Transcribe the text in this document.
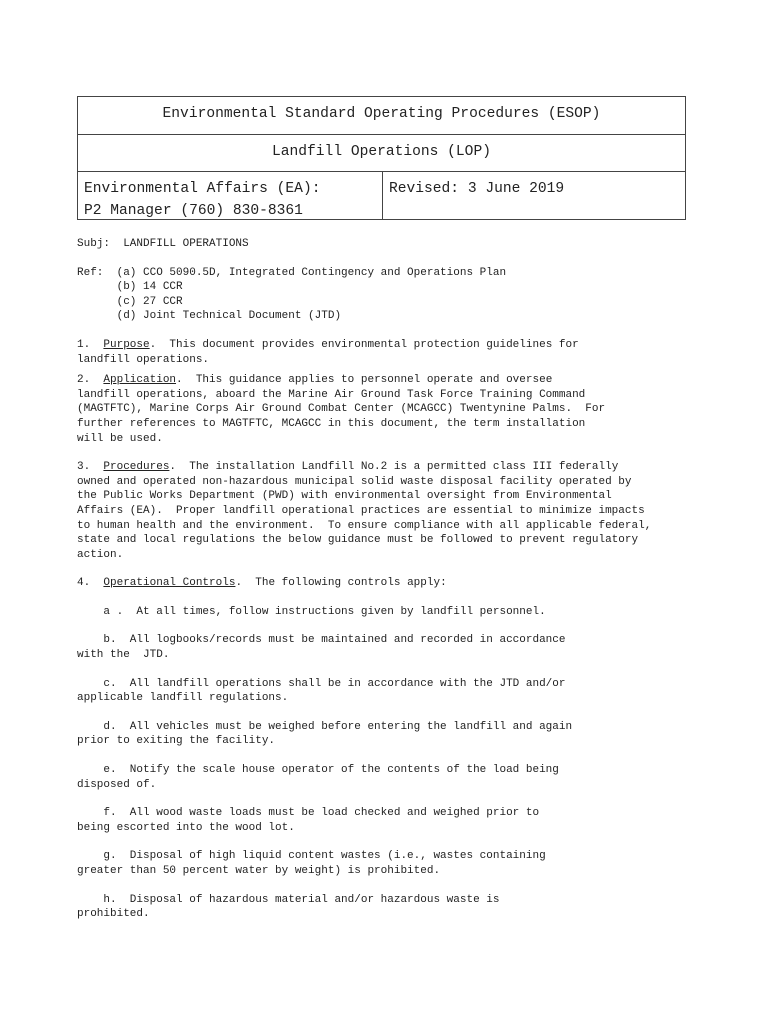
Environmental Standard Operating Procedures (ESOP)
Landfill Operations (LOP)
Environmental Affairs (EA):
P2 Manager (760) 830-8361
Revised: 3 June 2019

Subj:  LANDFILL OPERATIONS

Ref:  (a) CCO 5090.5D, Integrated Contingency and Operations Plan

(b) 14 CCR

(c) 27 CCR

(d) Joint Technical Document (JTD)

1.  Purpose.  This document provides environmental protection guidelines for

landfill operations.

2.  Application.  This guidance applies to personnel operate and oversee

landfill operations, aboard the Marine Air Ground Task Force Training Command

(MAGTFTC), Marine Corps Air Ground Combat Center (MCAGCC) Twentynine Palms.  For

further references to MAGTFTC, MCAGCC in this document, the term installation

will be used.

3.  Procedures.  The installation Landfill No.2 is a permitted class III federally

owned and operated non-hazardous municipal solid waste disposal facility operated by

the Public Works Department (PWD) with environmental oversight from Environmental

Affairs (EA).  Proper landfill operational practices are essential to minimize impacts

to human health and the environment.  To ensure compliance with all applicable federal,

state and local regulations the below guidance must be followed to prevent regulatory

action.

4.  Operational Controls.  The following controls apply:

a .  At all times, follow instructions given by landfill personnel.

b.  All logbooks/records must be maintained and recorded in accordance

with the  JTD.

c.  All landfill operations shall be in accordance with the JTD and/or

applicable landfill regulations.

d.  All vehicles must be weighed before entering the landfill and again

prior to exiting the facility.

e.  Notify the scale house operator of the contents of the load being

disposed of.

f.  All wood waste loads must be load checked and weighed prior to

being escorted into the wood lot.

g.  Disposal of high liquid content wastes (i.e., wastes containing

greater than 50 percent water by weight) is prohibited.

h.  Disposal of hazardous material and/or hazardous waste is

prohibited.
